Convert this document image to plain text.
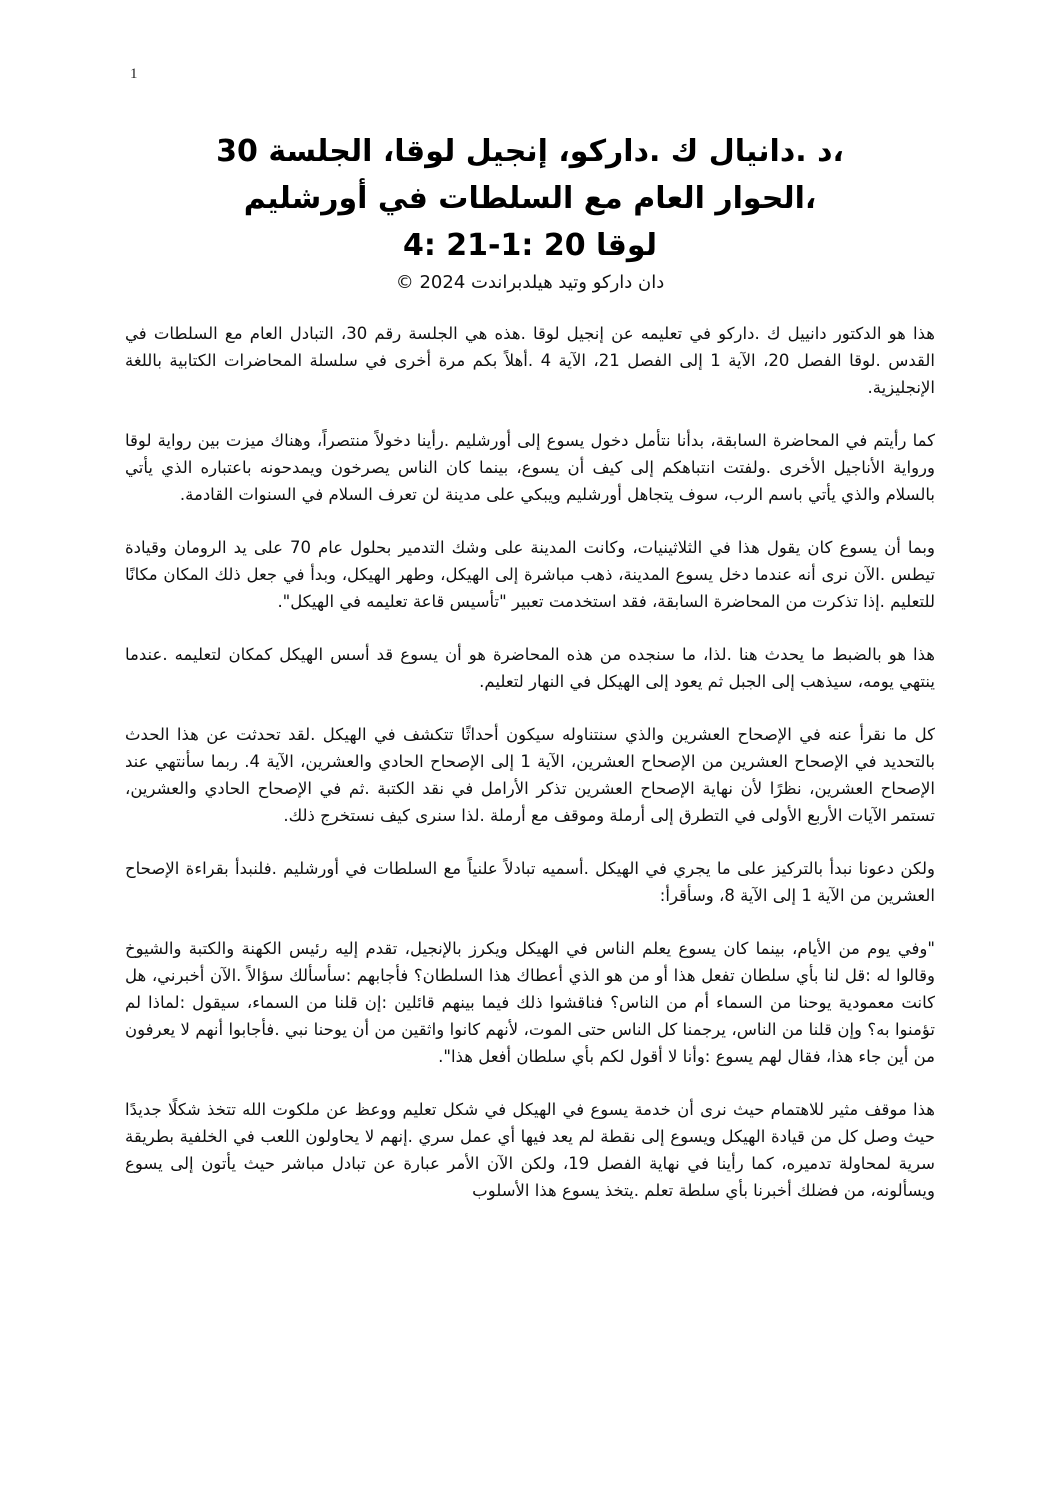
1
،د .دانيال ك .داركو، إنجيل لوقا، الجلسة 30
،الحوار العام مع السلطات في أورشليم
لوقا 20 :1-21 :4
دان داركو وتيد هيلدبراندت 2024 ©

هذا هو الدكتور دانييل ك .داركو في تعليمه عن إنجيل لوقا .هذه هي الجلسة رقم 30، التبادل العام مع السلطات في القدس .لوقا الفصل 20، الآية 1 إلى الفصل 21، الآية 4 .أهلاً بكم مرة أخرى في سلسلة المحاضرات الكتابية باللغة الإنجليزية.

كما رأيتم في المحاضرة السابقة، بدأنا نتأمل دخول يسوع إلى أورشليم .رأينا دخولاً منتصراً، وهناك ميزت بين رواية لوقا ورواية الأناجيل الأخرى .ولفتت انتباهكم إلى كيف أن يسوع، بينما كان الناس يصرخون ويمدحونه باعتباره الذي يأتي بالسلام والذي يأتي باسم الرب، سوف يتجاهل أورشليم ويبكي على مدينة لن تعرف السلام في السنوات القادمة.

وبما أن يسوع كان يقول هذا في الثلاثينيات، وكانت المدينة على وشك التدمير بحلول عام 70 على يد الرومان وقيادة تيطس .الآن نرى أنه عندما دخل يسوع المدينة، ذهب مباشرة إلى الهيكل، وطهر الهيكل، وبدأ في جعل ذلك المكان مكانًا للتعليم .إذا تذكرت من المحاضرة السابقة، فقد استخدمت تعبير "تأسيس قاعة تعليمه في الهيكل".

هذا هو بالضبط ما يحدث هنا .لذا، ما سنجده من هذه المحاضرة هو أن يسوع قد أسس الهيكل كمكان لتعليمه .عندما ينتهي يومه، سيذهب إلى الجبل ثم يعود إلى الهيكل في النهار لتعليم.

كل ما نقرأ عنه في الإصحاح العشرين والذي سنتناوله سيكون أحداثًا تتكشف في الهيكل .لقد تحدثت عن هذا الحدث بالتحديد في الإصحاح العشرين من الإصحاح العشرين، الآية 1 إلى الإصحاح الحادي والعشرين، الآية 4. ربما سأنتهي عند الإصحاح العشرين، نظرًا لأن نهاية الإصحاح العشرين تذكر الأرامل في نقد الكتبة .ثم في الإصحاح الحادي والعشرين، تستمر الآيات الأربع الأولى في التطرق إلى أرملة وموقف مع أرملة .لذا سنرى كيف نستخرج ذلك.

ولكن دعونا نبدأ بالتركيز على ما يجري في الهيكل .أسميه تبادلاً علنياً مع السلطات في أورشليم .فلنبدأ بقراءة الإصحاح العشرين من الآية 1 إلى الآية 8، وسأقرأ:

"وفي يوم من الأيام، بينما كان يسوع يعلم الناس في الهيكل ويكرز بالإنجيل، تقدم إليه رئيس الكهنة والكتبة والشيوخ وقالوا له :قل لنا بأي سلطان تفعل هذا أو من هو الذي أعطاك هذا السلطان؟ فأجابهم :سأسألك سؤالاً .الآن أخبرني، هل كانت معمودية يوحنا من السماء أم من الناس؟ فناقشوا ذلك فيما بينهم قائلين :إن قلنا من السماء، سيقول :لماذا لم تؤمنوا به؟ وإن قلنا من الناس، يرجمنا كل الناس حتى الموت، لأنهم كانوا واثقين من أن يوحنا نبي .فأجابوا أنهم لا يعرفون من أين جاء هذا، فقال لهم يسوع :وأنا لا أقول لكم بأي سلطان أفعل هذا".

هذا موقف مثير للاهتمام حيث نرى أن خدمة يسوع في الهيكل في شكل تعليم ووعظ عن ملكوت الله تتخذ شكلًا جديدًا حيث وصل كل من قيادة الهيكل ويسوع إلى نقطة لم يعد فيها أي عمل سري .إنهم لا يحاولون اللعب في الخلفية بطريقة سرية لمحاولة تدميره، كما رأينا في نهاية الفصل 19، ولكن الآن الأمر عبارة عن تبادل مباشر حيث يأتون إلى يسوع ويسألونه، من فضلك أخبرنا بأي سلطة تعلم .يتخذ يسوع هذا الأسلوب
